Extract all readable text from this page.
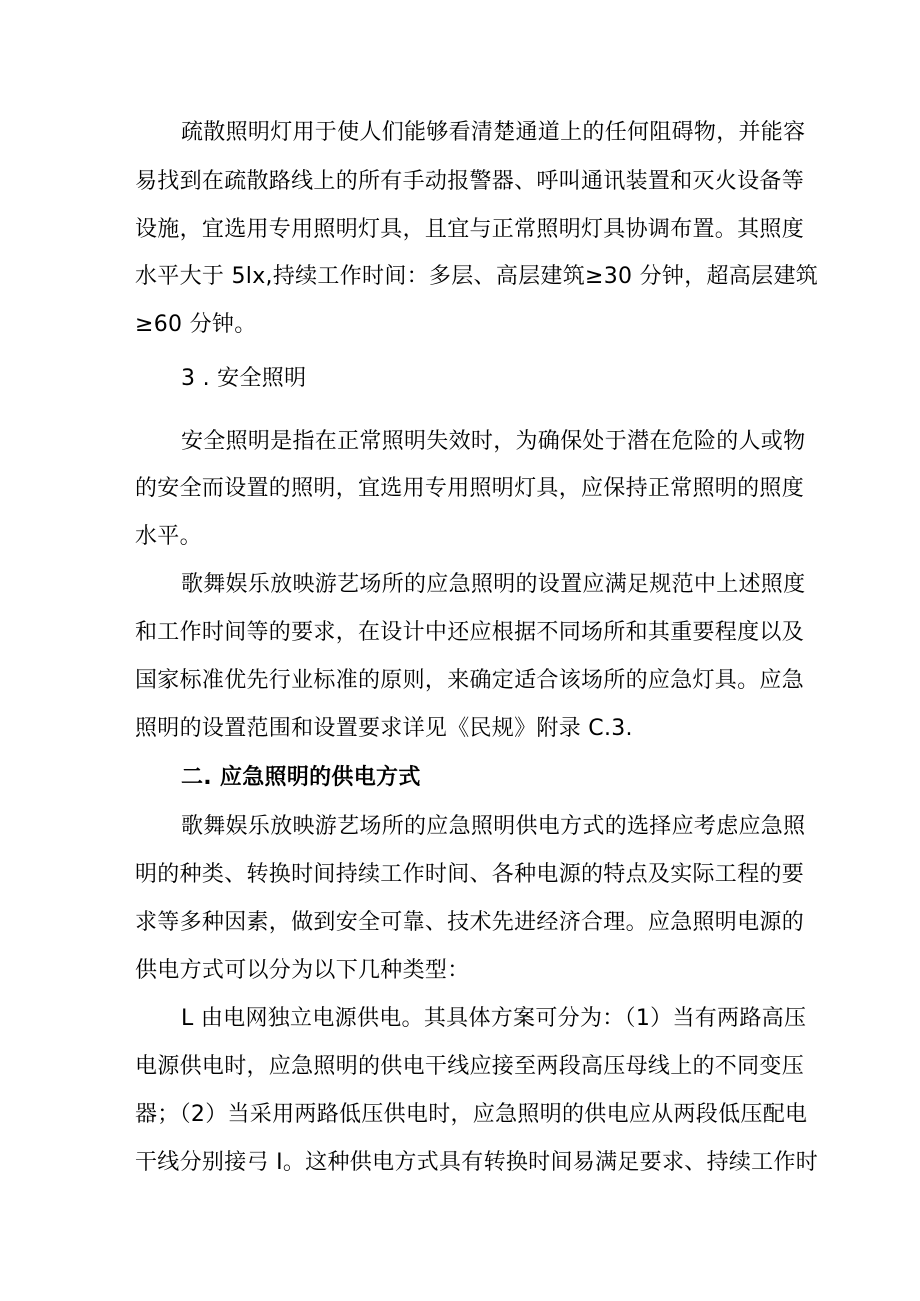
疏散照明灯用于使人们能够看清楚通道上的任何阻碍物，并能容
易找到在疏散路线上的所有手动报警器、呼叫通讯装置和灭火设备等
设施，宜选用专用照明灯具，且宜与正常照明灯具协调布置。其照度
水平大于 5lx,持续工作时间：多层、高层建筑≥30 分钟，超高层建筑
≥60 分钟。
3 . 安全照明
安全照明是指在正常照明失效时，为确保处于潜在危险的人或物
的安全而设置的照明，宜选用专用照明灯具，应保持正常照明的照度
水平。
歌舞娱乐放映游艺场所的应急照明的设置应满足规范中上述照度
和工作时间等的要求，在设计中还应根据不同场所和其重要程度以及
国家标准优先行业标准的原则，来确定适合该场所的应急灯具。应急
照明的设置范围和设置要求详见《民规》附录 C.3.
二. 应急照明的供电方式
歌舞娱乐放映游艺场所的应急照明供电方式的选择应考虑应急照
明的种类、转换时间持续工作时间、各种电源的特点及实际工程的要
求等多种因素，做到安全可靠、技术先进经济合理。应急照明电源的
供电方式可以分为以下几种类型：
L 由电网独立电源供电。其具体方案可分为：（1）当有两路高压
电源供电时，应急照明的供电干线应接至两段高压母线上的不同变压
器；（2）当采用两路低压供电时，应急照明的供电应从两段低压配电
干线分别接弓 I。这种供电方式具有转换时间易满足要求、持续工作时
